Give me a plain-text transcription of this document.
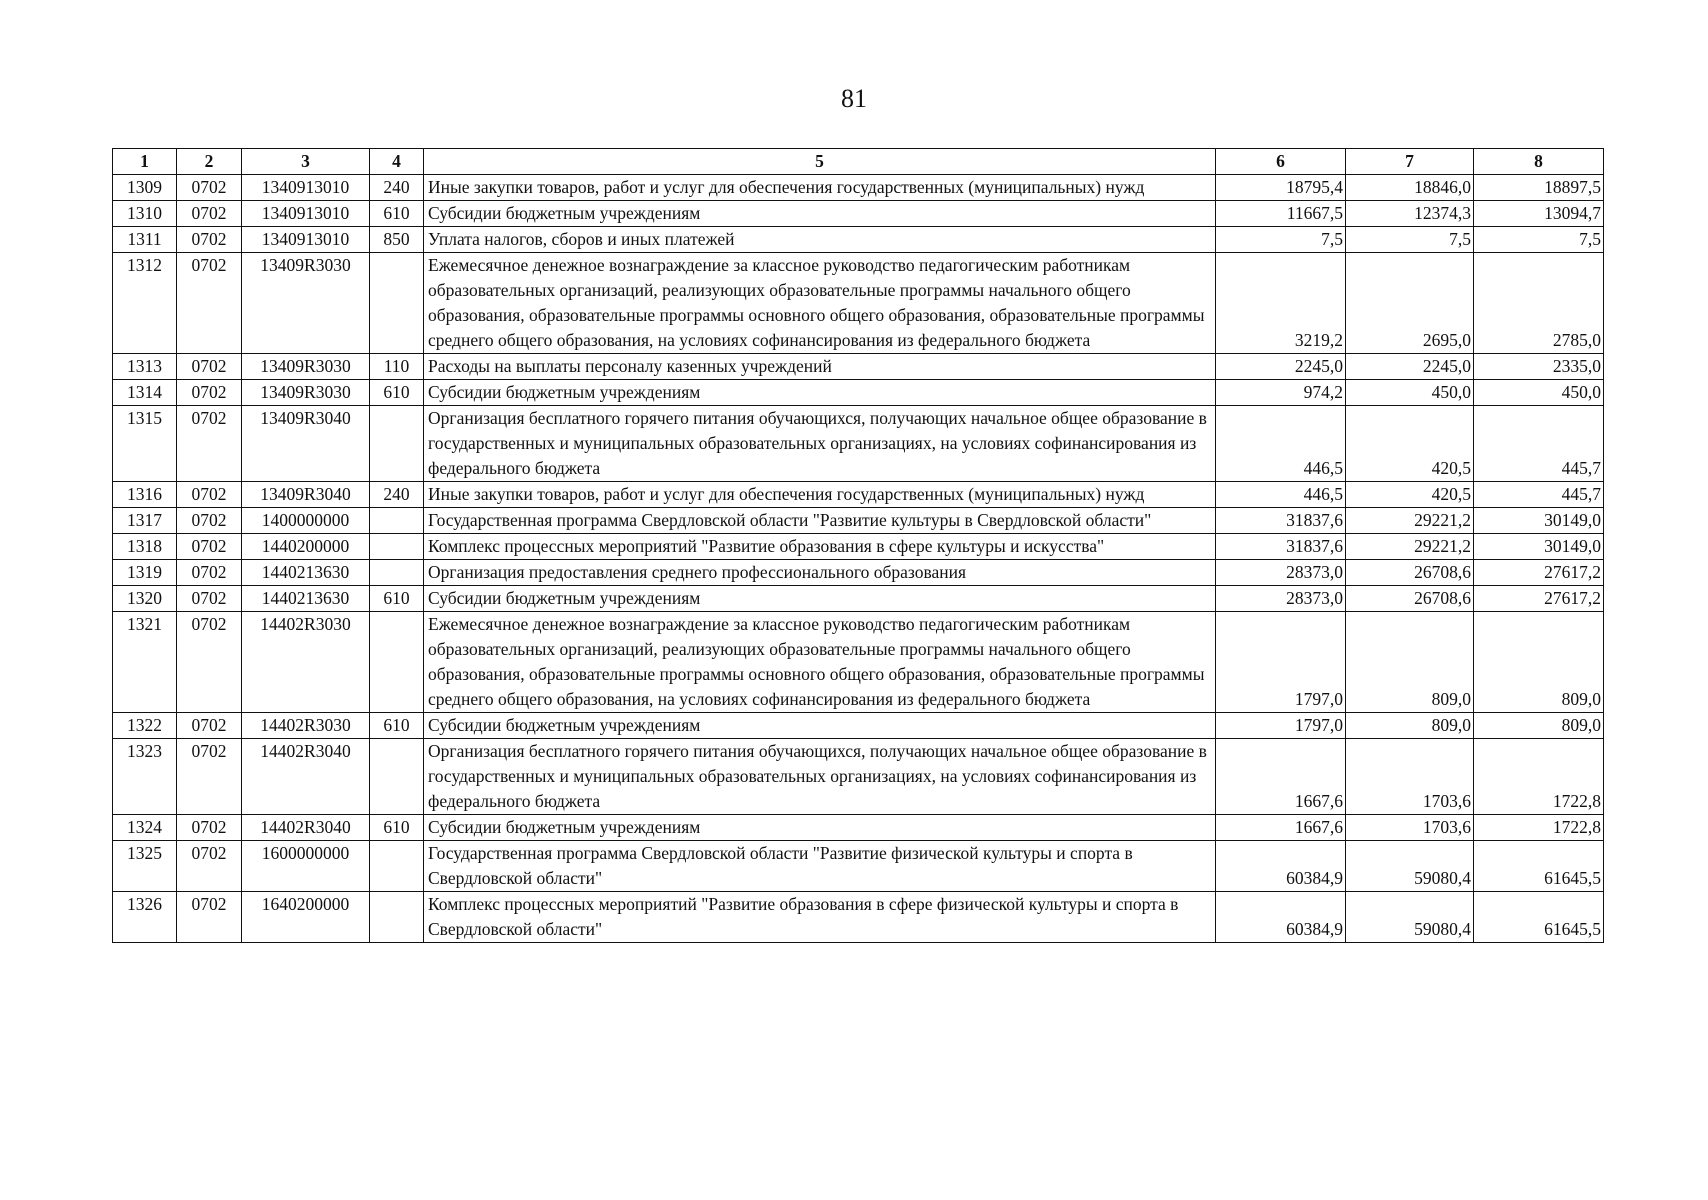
81
1	2	3	4	5	6	7	8
1309	0702	1340913010	240	Иные закупки товаров, работ и услуг для обеспечения государственных (муниципальных) нужд	18795,4	18846,0	18897,5
1310	0702	1340913010	610	Субсидии бюджетным учреждениям	11667,5	12374,3	13094,7
1311	0702	1340913010	850	Уплата налогов, сборов и иных платежей	7,5	7,5	7,5
1312	0702	13409R3030		Ежемесячное денежное вознаграждение за классное руководство педагогическим работникам образовательных организаций, реализующих образовательные программы начального общего образования, образовательные программы основного общего образования, образовательные программы среднего общего образования, на условиях софинансирования из федерального бюджета	3219,2	2695,0	2785,0
1313	0702	13409R3030	110	Расходы на выплаты персоналу казенных учреждений	2245,0	2245,0	2335,0
1314	0702	13409R3030	610	Субсидии бюджетным учреждениям	974,2	450,0	450,0
1315	0702	13409R3040		Организация бесплатного горячего питания обучающихся, получающих начальное общее образование в государственных и муниципальных образовательных организациях, на условиях софинансирования из федерального бюджета	446,5	420,5	445,7
1316	0702	13409R3040	240	Иные закупки товаров, работ и услуг для обеспечения государственных (муниципальных) нужд	446,5	420,5	445,7
1317	0702	1400000000		Государственная программа Свердловской области "Развитие культуры в Свердловской области"	31837,6	29221,2	30149,0
1318	0702	1440200000		Комплекс процессных мероприятий "Развитие образования в сфере культуры и искусства"	31837,6	29221,2	30149,0
1319	0702	1440213630		Организация предоставления среднего профессионального образования	28373,0	26708,6	27617,2
1320	0702	1440213630	610	Субсидии бюджетным учреждениям	28373,0	26708,6	27617,2
1321	0702	14402R3030		Ежемесячное денежное вознаграждение за классное руководство педагогическим работникам образовательных организаций, реализующих образовательные программы начального общего образования, образовательные программы основного общего образования, образовательные программы среднего общего образования, на условиях софинансирования из федерального бюджета	1797,0	809,0	809,0
1322	0702	14402R3030	610	Субсидии бюджетным учреждениям	1797,0	809,0	809,0
1323	0702	14402R3040		Организация бесплатного горячего питания обучающихся, получающих начальное общее образование в государственных и муниципальных образовательных организациях, на условиях софинансирования из федерального бюджета	1667,6	1703,6	1722,8
1324	0702	14402R3040	610	Субсидии бюджетным учреждениям	1667,6	1703,6	1722,8
1325	0702	1600000000		Государственная программа Свердловской области "Развитие физической культуры и спорта в Свердловской области"	60384,9	59080,4	61645,5
1326	0702	1640200000		Комплекс процессных мероприятий "Развитие образования в сфере физической культуры и спорта в Свердловской области"	60384,9	59080,4	61645,5
